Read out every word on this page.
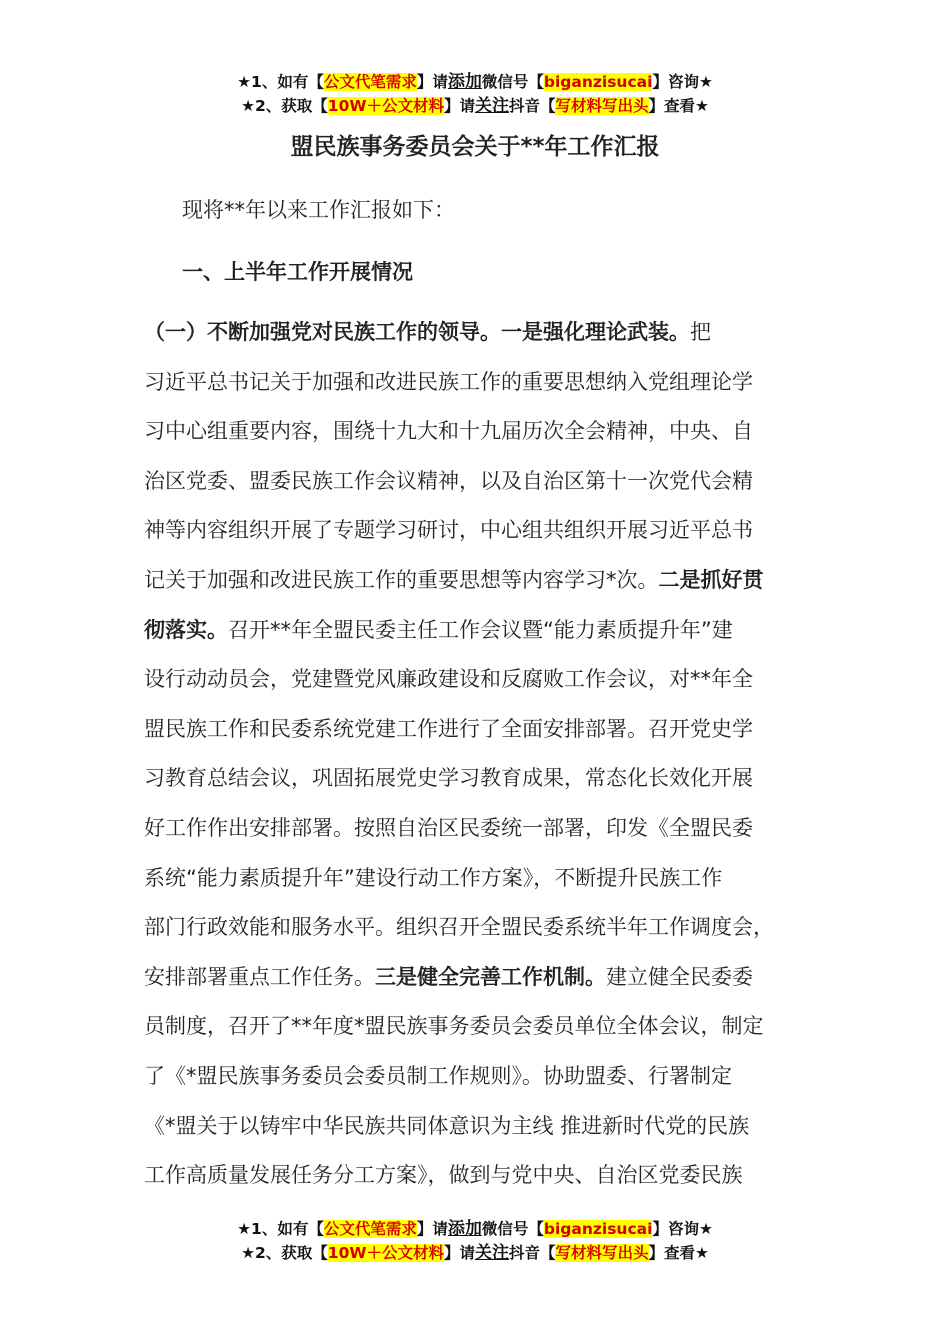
★1、如有【公文代笔需求】请添加微信号【biganzisucai】咨询★
★2、获取【10W＋公文材料】请关注抖音【写材料写出头】查看★
盟民族事务委员会关于**年工作汇报
现将**年以来工作汇报如下：
一、上半年工作开展情况
（一）不断加强党对民族工作的领导。一是强化理论武装。把
习近平总书记关于加强和改进民族工作的重要思想纳入党组理论学
习中心组重要内容，围绕十九大和十九届历次全会精神，中央、自
治区党委、盟委民族工作会议精神，以及自治区第十一次党代会精
神等内容组织开展了专题学习研讨，中心组共组织开展习近平总书
记关于加强和改进民族工作的重要思想等内容学习*次。二是抓好贯
彻落实。召开**年全盟民委主任工作会议暨“能力素质提升年”建
设行动动员会，党建暨党风廉政建设和反腐败工作会议，对**年全
盟民族工作和民委系统党建工作进行了全面安排部署。召开党史学
习教育总结会议，巩固拓展党史学习教育成果，常态化长效化开展
好工作作出安排部署。按照自治区民委统一部署，印发《全盟民委
系统“能力素质提升年”建设行动工作方案》，不断提升民族工作
部门行政效能和服务水平。组织召开全盟民委系统半年工作调度会，
安排部署重点工作任务。三是健全完善工作机制。建立健全民委委
员制度，召开了**年度*盟民族事务委员会委员单位全体会议，制定
了《*盟民族事务委员会委员制工作规则》。协助盟委、行署制定
《*盟关于以铸牢中华民族共同体意识为主线 推进新时代党的民族
工作高质量发展任务分工方案》，做到与党中央、自治区党委民族
★1、如有【公文代笔需求】请添加微信号【biganzisucai】咨询★
★2、获取【10W＋公文材料】请关注抖音【写材料写出头】查看★
